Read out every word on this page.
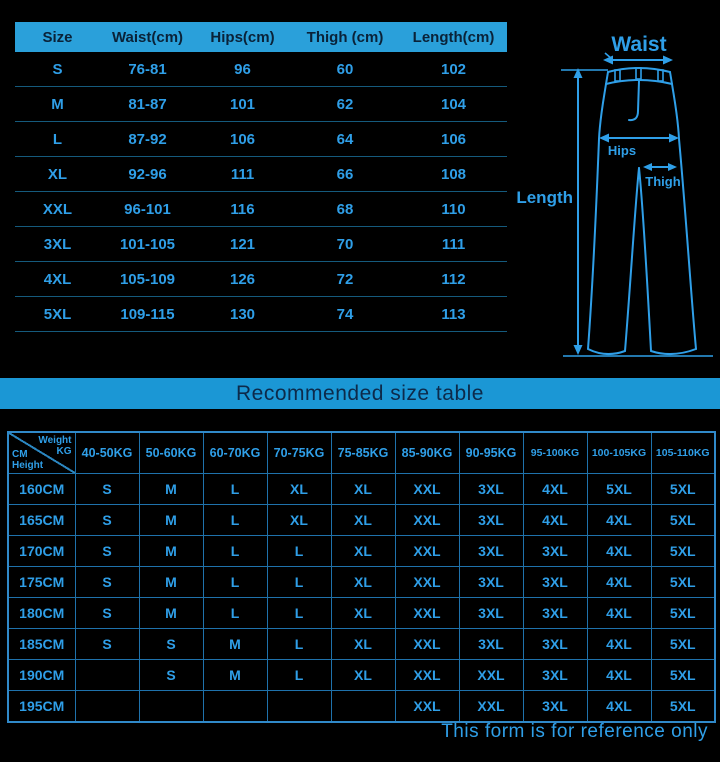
Size	Waist(cm)	Hips(cm)	Thigh (cm)	Length(cm)
S	76-81	96	60	102
M	81-87	101	62	104
L	87-92	106	64	106
XL	92-96	111	66	108
XXL	96-101	116	68	110
3XL	101-105	121	70	111
4XL	105-109	126	72	112
5XL	109-115	130	74	113
Waist
Hips
Thigh
Length
Recommended size table
Weight
KG
CM
Height	40-50KG	50-60KG	60-70KG	70-75KG	75-85KG	85-90KG	90-95KG	95-100KG	100-105KG	105-110KG
160CM	S	M	L	XL	XL	XXL	3XL	4XL	5XL	5XL
165CM	S	M	L	XL	XL	XXL	3XL	4XL	4XL	5XL
170CM	S	M	L	L	XL	XXL	3XL	3XL	4XL	5XL
175CM	S	M	L	L	XL	XXL	3XL	3XL	4XL	5XL
180CM	S	M	L	L	XL	XXL	3XL	3XL	4XL	5XL
185CM	S	S	M	L	XL	XXL	3XL	3XL	4XL	5XL
190CM		S	M	L	XL	XXL	XXL	3XL	4XL	5XL
195CM						XXL	XXL	3XL	4XL	5XL
This form is for reference only
